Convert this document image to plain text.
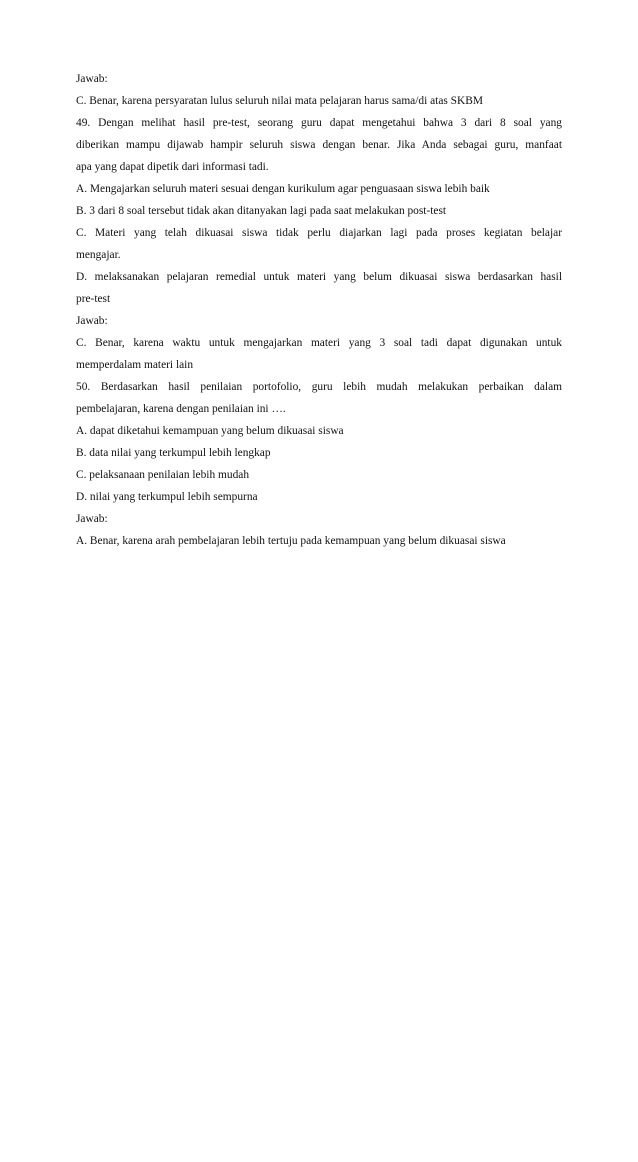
Jawab:
C. Benar, karena persyaratan lulus seluruh nilai mata pelajaran harus sama/di atas SKBM
49. Dengan melihat hasil pre-test, seorang guru dapat mengetahui bahwa 3 dari 8 soal yang
diberikan mampu dijawab hampir seluruh siswa dengan benar. Jika Anda sebagai guru, manfaat
apa yang dapat dipetik dari informasi tadi.
A. Mengajarkan seluruh materi sesuai dengan kurikulum agar penguasaan siswa lebih baik
B. 3 dari 8 soal tersebut tidak akan ditanyakan lagi pada saat melakukan post-test
C. Materi yang telah dikuasai siswa tidak perlu diajarkan lagi pada proses kegiatan belajar
mengajar.
D. melaksanakan pelajaran remedial untuk materi yang belum dikuasai siswa berdasarkan hasil
pre-test
Jawab:
C. Benar, karena waktu untuk mengajarkan materi yang 3 soal tadi dapat digunakan untuk
memperdalam materi lain
50. Berdasarkan hasil penilaian portofolio, guru lebih mudah melakukan perbaikan dalam
pembelajaran, karena dengan penilaian ini ….
A. dapat diketahui kemampuan yang belum dikuasai siswa
B. data nilai yang terkumpul lebih lengkap
C. pelaksanaan penilaian lebih mudah
D. nilai yang terkumpul lebih sempurna
Jawab:
A. Benar, karena arah pembelajaran lebih tertuju pada kemampuan yang belum dikuasai siswa
